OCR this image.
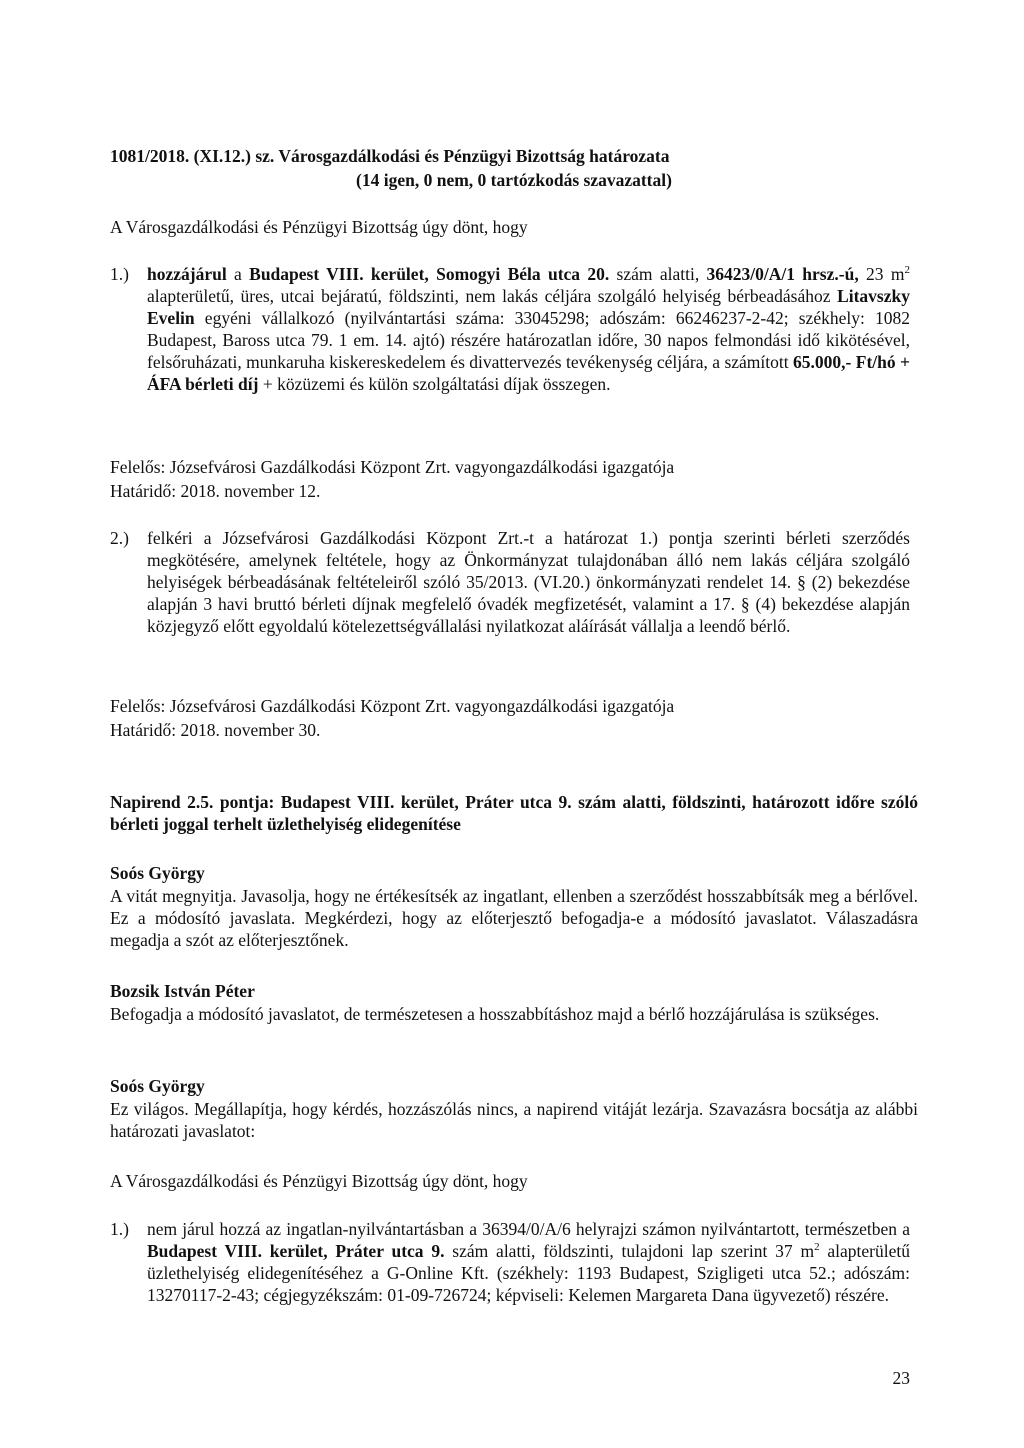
1081/2018. (XI.12.) sz. Városgazdálkodási és Pénzügyi Bizottság határozata
(14 igen, 0 nem, 0 tartózkodás szavazattal)
A Városgazdálkodási és Pénzügyi Bizottság úgy dönt, hogy
1.) hozzájárul a Budapest VIII. kerület, Somogyi Béla utca 20. szám alatti, 36423/0/A/1 hrsz.-ú, 23 $m^2$ alapterületű, üres, utcai bejáratú, földszinti, nem lakás céljára szolgáló helyiség bérbeadásához Litavszky Evelin egyéni vállalkozó (nyilvántartási száma: 33045298; adószám: 66246237-2-42; székhely: 1082 Budapest, Baross utca 79. 1 em. 14. ajtó) részére határozatlan időre, 30 napos felmondási idő kikötésével, felsőruházati, munkaruha kiskereskedelem és divattervezés tevékenység céljára, a számított 65.000,- Ft/hó + ÁFA bérleti díj + közüzemi és külön szolgáltatási díjak összegen.
Felelős: Józsefvárosi Gazdálkodási Központ Zrt. vagyongazdálkodási igazgatója
Határidő: 2018. november 12.
2.) felkéri a Józsefvárosi Gazdálkodási Központ Zrt.-t a határozat 1.) pontja szerinti bérleti szerződés megkötésére, amelynek feltétele, hogy az Önkormányzat tulajdonában álló nem lakás céljára szolgáló helyiségek bérbeadásának feltételeiről szóló 35/2013. (VI.20.) önkormányzati rendelet 14. § (2) bekezdése alapján 3 havi bruttó bérleti díjnak megfelelő óvadék megfizetését, valamint a 17. § (4) bekezdése alapján közjegyző előtt egyoldalú kötelezettségvállalási nyilatkozat aláírását vállalja a leendő bérlő.
Felelős: Józsefvárosi Gazdálkodási Központ Zrt. vagyongazdálkodási igazgatója
Határidő: 2018. november 30.
Napirend 2.5. pontja: Budapest VIII. kerület, Práter utca 9. szám alatti, földszinti, határozott időre szóló bérleti joggal terhelt üzlethelyiség elidegenítése
Soós György
A vitát megnyitja. Javasolja, hogy ne értékesítsék az ingatlant, ellenben a szerződést hosszabbítsák meg a bérlővel. Ez a módosító javaslata. Megkérdezi, hogy az előterjesztő befogadja-e a módosító javaslatot. Válaszadásra megadja a szót az előterjesztőnek.
Bozsik István Péter
Befogadja a módosító javaslatot, de természetesen a hosszabbításhoz majd a bérlő hozzájárulása is szükséges.
Soós György
Ez világos. Megállapítja, hogy kérdés, hozzászólás nincs, a napirend vitáját lezárja. Szavazásra bocsátja az alábbi határozati javaslatot:
A Városgazdálkodási és Pénzügyi Bizottság úgy dönt, hogy
1.) nem járul hozzá az ingatlan-nyilvántartásban a 36394/0/A/6 helyrajzi számon nyilvántartott, természetben a Budapest VIII. kerület, Práter utca 9. szám alatti, földszinti, tulajdoni lap szerint 37 $m^2$ alapterületű üzlethelyiség elidegenítéséhez a G-Online Kft. (székhely: 1193 Budapest, Szigligeti utca 52.; adószám: 13270117-2-43; cégjegyzékszám: 01-09-726724; képviseli: Kelemen Margareta Dana ügyvezető) részére.
23
